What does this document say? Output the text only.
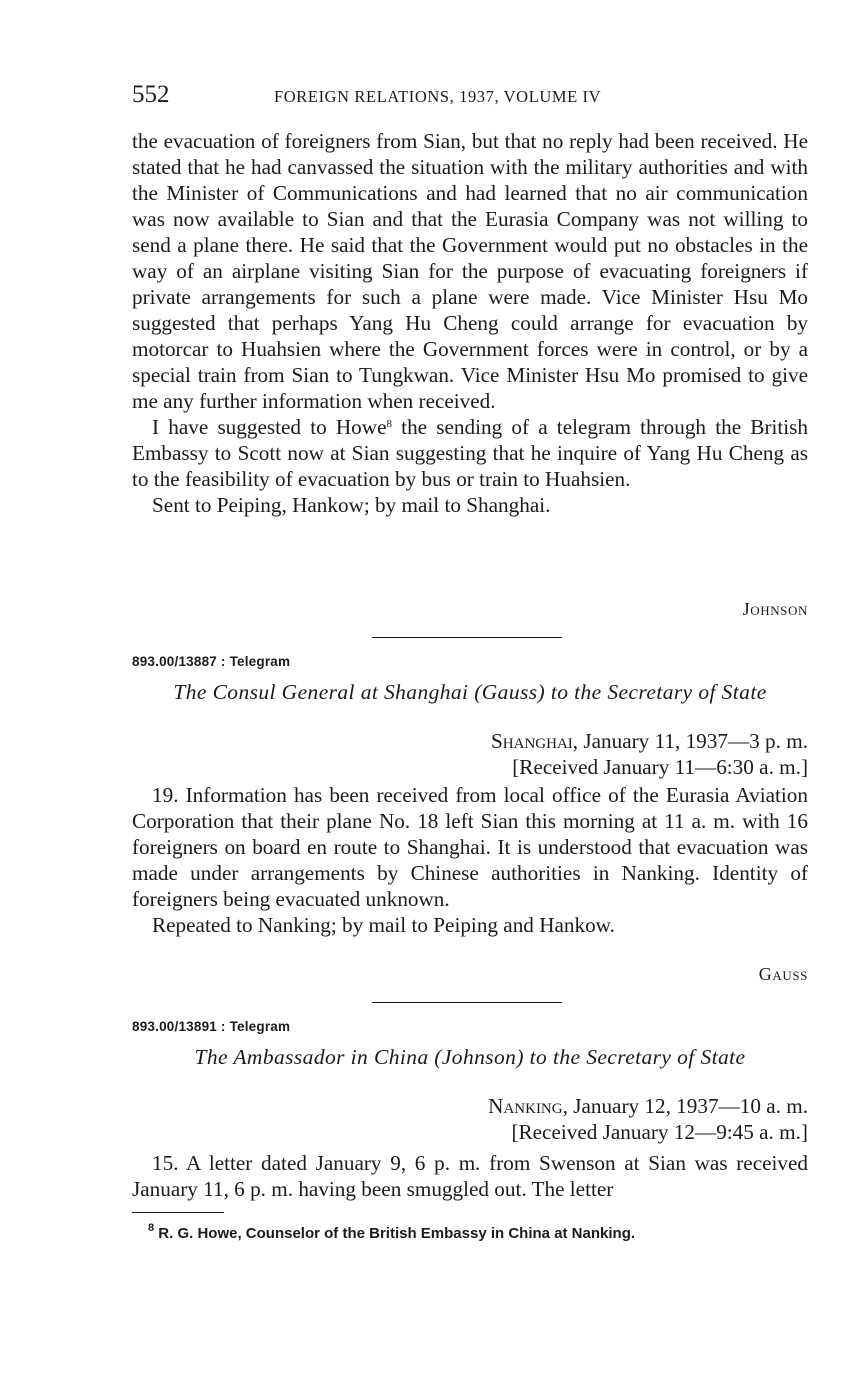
552	FOREIGN RELATIONS, 1937, VOLUME IV

the evacuation of foreigners from Sian, but that no reply had been received. He stated that he had canvassed the situation with the military authorities and with the Minister of Communications and had learned that no air communication was now available to Sian and that the Eurasia Company was not willing to send a plane there. He said that the Government would put no obstacles in the way of an airplane visiting Sian for the purpose of evacuating foreigners if private arrangements for such a plane were made. Vice Minister Hsu Mo suggested that perhaps Yang Hu Cheng could arrange for evacuation by motorcar to Huahsien where the Government forces were in control, or by a special train from Sian to Tungkwan. Vice Minister Hsu Mo promised to give me any further information when received.

I have suggested to Howe$^8$ the sending of a telegram through the British Embassy to Scott now at Sian suggesting that he inquire of Yang Hu Cheng as to the feasibility of evacuation by bus or train to Huahsien.

Sent to Peiping, Hankow; by mail to Shanghai.

Johnson
893.00/13887 : Telegram
The Consul General at Shanghai (Gauss) to the Secretary of State
Shanghai, January 11, 1937—3 p. m.
[Received January 11—6:30 a. m.]

19. Information has been received from local office of the Eurasia Aviation Corporation that their plane No. 18 left Sian this morning at 11 a. m. with 16 foreigners on board en route to Shanghai. It is understood that evacuation was made under arrangements by Chinese authorities in Nanking. Identity of foreigners being evacuated unknown.

Repeated to Nanking; by mail to Peiping and Hankow.

Gauss
893.00/13891 : Telegram
The Ambassador in China (Johnson) to the Secretary of State
Nanking, January 12, 1937—10 a. m.
[Received January 12—9:45 a. m.]

15. A letter dated January 9, 6 p. m. from Swenson at Sian was received January 11, 6 p. m. having been smuggled out. The letter

$^8$ R. G. Howe, Counselor of the British Embassy in China at Nanking.
